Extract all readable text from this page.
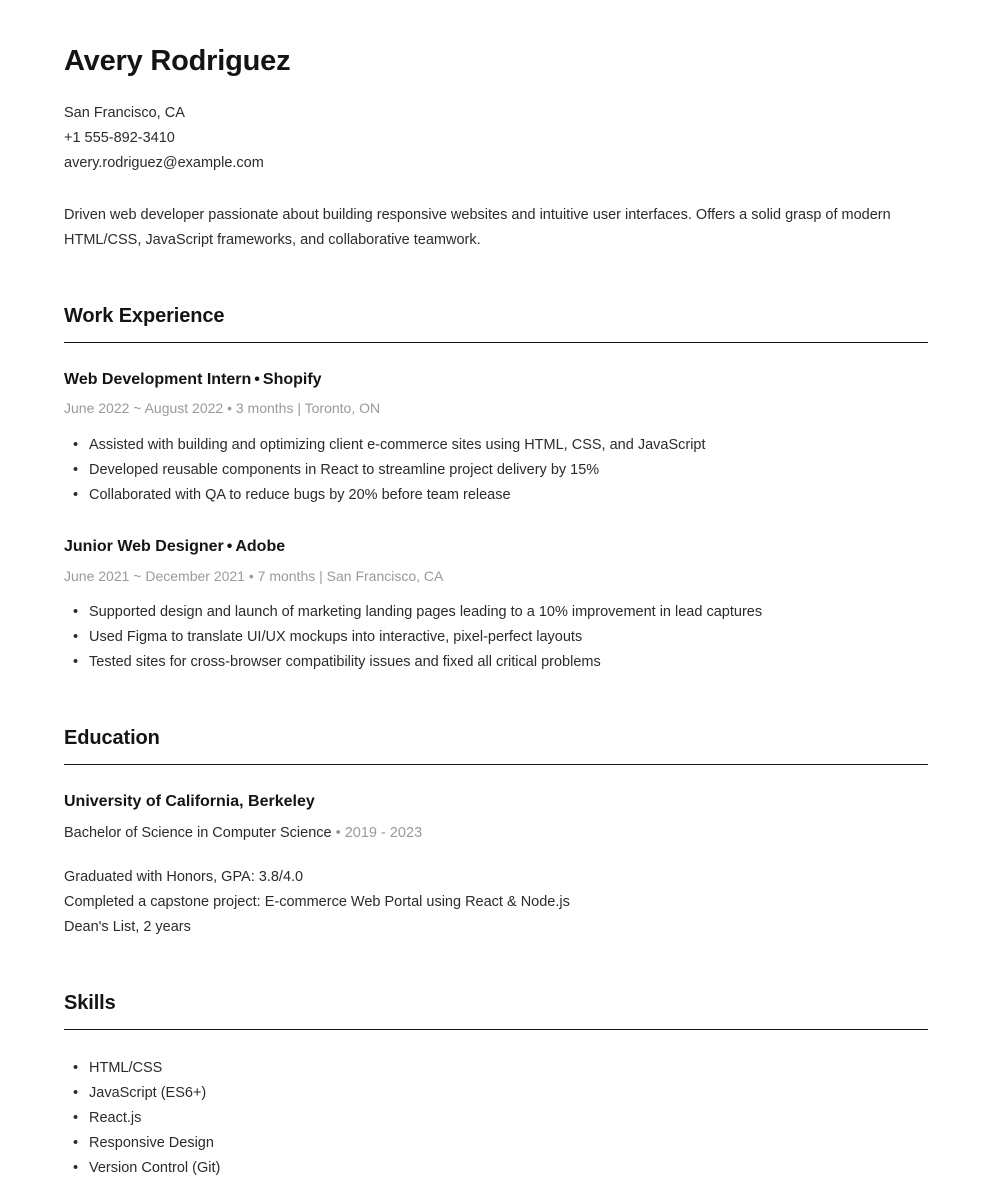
Avery Rodriguez
San Francisco, CA
+1 555-892-3410
avery.rodriguez@example.com

Driven web developer passionate about building responsive websites and intuitive user interfaces. Offers a solid grasp of modern HTML/CSS, JavaScript frameworks, and collaborative teamwork.

Work Experience
Web Development Intern • Shopify
June 2022 ~ August 2022 • 3 months | Toronto, ON
• Assisted with building and optimizing client e-commerce sites using HTML, CSS, and JavaScript
• Developed reusable components in React to streamline project delivery by 15%
• Collaborated with QA to reduce bugs by 20% before team release
Junior Web Designer • Adobe
June 2021 ~ December 2021 • 7 months | San Francisco, CA
• Supported design and launch of marketing landing pages leading to a 10% improvement in lead captures
• Used Figma to translate UI/UX mockups into interactive, pixel-perfect layouts
• Tested sites for cross-browser compatibility issues and fixed all critical problems
Education
University of California, Berkeley
Bachelor of Science in Computer Science • 2019 - 2023
Graduated with Honors, GPA: 3.8/4.0
Completed a capstone project: E-commerce Web Portal using React & Node.js
Dean's List, 2 years
Skills
• HTML/CSS
• JavaScript (ES6+)
• React.js
• Responsive Design
• Version Control (Git)
